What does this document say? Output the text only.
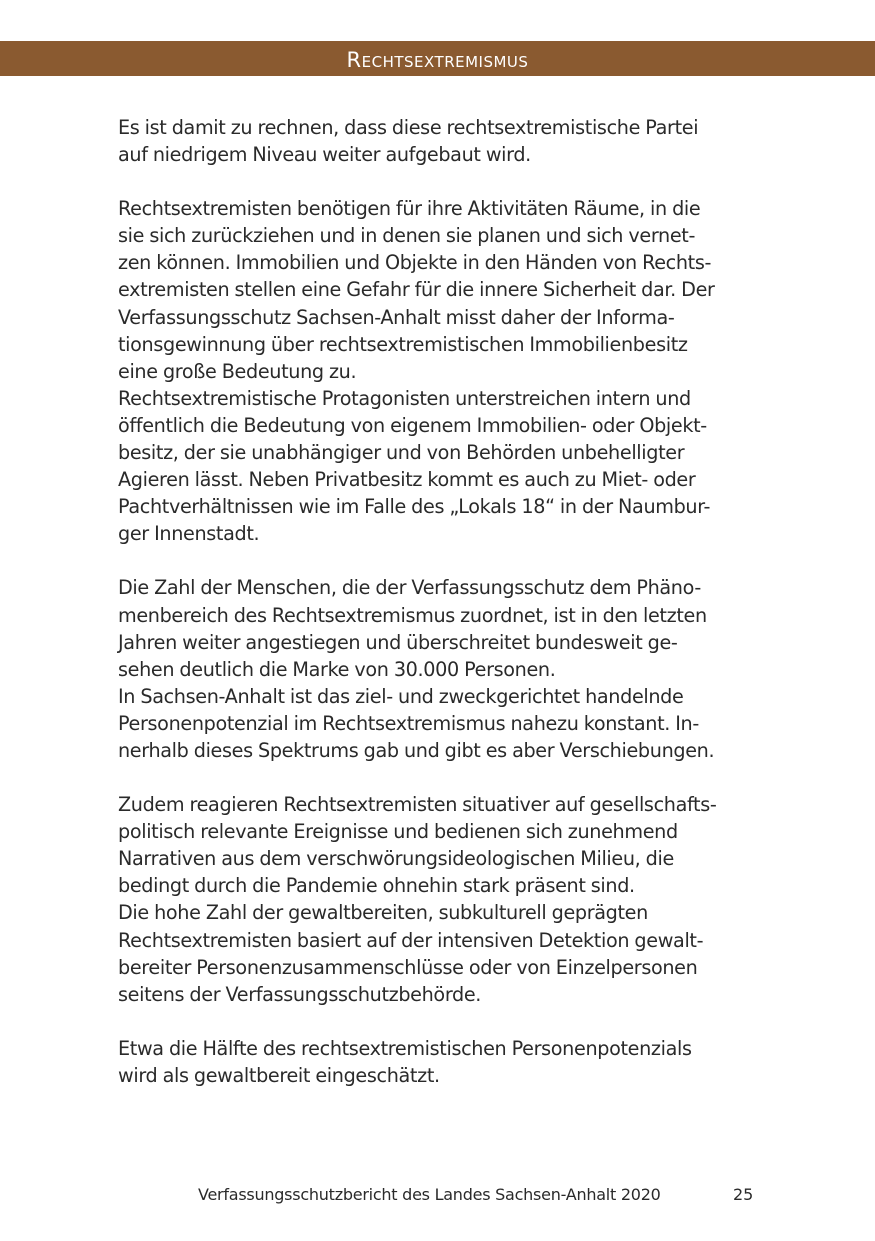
Rechtsextremismus

Es ist damit zu rechnen, dass diese rechtsextremistische Partei
auf niedrigem Niveau weiter aufgebaut wird.

Rechtsextremisten benötigen für ihre Aktivitäten Räume, in die
sie sich zurückziehen und in denen sie planen und sich vernet-
zen können. Immobilien und Objekte in den Händen von Rechts-
extremisten stellen eine Gefahr für die innere Sicherheit dar. Der
Verfassungsschutz Sachsen-Anhalt misst daher der Informa-
tionsgewinnung über rechtsextremistischen Immobilienbesitz
eine große Bedeutung zu.

Rechtsextremistische Protagonisten unterstreichen intern und
öffentlich die Bedeutung von eigenem Immobilien- oder Objekt-
besitz, der sie unabhängiger und von Behörden unbehelligter
Agieren lässt. Neben Privatbesitz kommt es auch zu Miet- oder
Pachtverhältnissen wie im Falle des „Lokals 18“ in der Naumbur-
ger Innenstadt.

Die Zahl der Menschen, die der Verfassungsschutz dem Phäno-
menbereich des Rechtsextremismus zuordnet, ist in den letzten
Jahren weiter angestiegen und überschreitet bundesweit ge-
sehen deutlich die Marke von 30.000 Personen.

In Sachsen-Anhalt ist das ziel- und zweckgerichtet handelnde
Personenpotenzial im Rechtsextremismus nahezu konstant. In-
nerhalb dieses Spektrums gab und gibt es aber Verschiebungen.

Zudem reagieren Rechtsextremisten situativer auf gesellschafts-
politisch relevante Ereignisse und bedienen sich zunehmend
Narrativen aus dem verschwörungsideologischen Milieu, die
bedingt durch die Pandemie ohnehin stark präsent sind.

Die hohe Zahl der gewaltbereiten, subkulturell geprägten
Rechtsextremisten basiert auf der intensiven Detektion gewalt-
bereiter Personenzusammenschlüsse oder von Einzelpersonen
seitens der Verfassungsschutzbehörde.

Etwa die Hälfte des rechtsextremistischen Personenpotenzials
wird als gewaltbereit eingeschätzt.

Verfassungsschutzbericht des Landes Sachsen-Anhalt 2020	25
